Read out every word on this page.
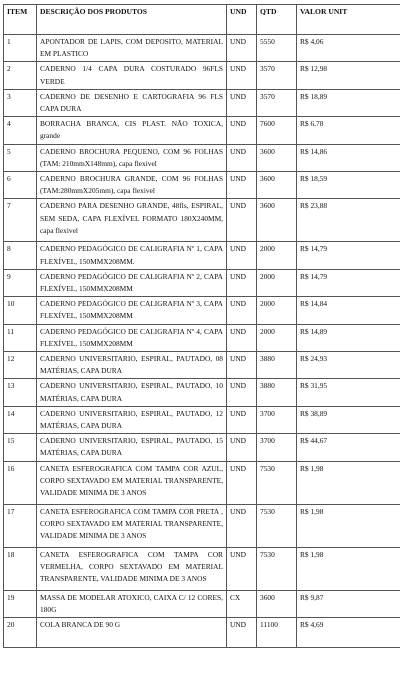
ITEM	DESCRIÇÃO DOS PRODUTOS	UND	QTD	VALOR UNIT
1	APONTADOR DE LAPIS, COM DEPOSITO, MATERIAL EM PLASTICO	UND	5550	R$ 4,06
2	CADERNO 1/4 CAPA DURA COSTURADO 96FLS VERDE	UND	3570	R$ 12,98
3	CADERNO DE DESENHO E CARTOGRAFIA 96 FLS CAPA DURA	UND	3570	R$ 18,89
4	BORRACHA BRANCA, CIS PLAST. NÃO TOXICA, grande	UND	7600	R$ 6,78
5	CADERNO BROCHURA PEQUENO, COM 96 FOLHAS (TAM: 210mmX148mm), capa flexivel	UND	3600	R$ 14,86
6	CADERNO BROCHURA GRANDE, COM 96 FOLHAS (TAM:280mmX205mm), capa flexivel	UND	3600	R$ 18,59
7	CADERNO PARA DESENHO GRANDE, 48fls, ESPIRAL, SEM SEDA, CAPA FLEXÍVEL FORMATO 180X240MM, capa flexivel	UND	3600	R$ 23,88
8	CADERNO PEDAGÓGICO DE CALIGRAFIA Nº 1, CAPA FLEXÍVEL, 150MMX208MM.	UND	2000	R$ 14,79
9	CADERNO PEDAGÓGICO DE CALIGRAFIA Nº 2, CAPA FLEXÍVEL, 150MMX208MM	UND	2000	R$ 14,79
10	CADERNO PEDAGÓGICO DE CALIGRAFIA Nº 3, CAPA FLEXÍVEL, 150MMX208MM	UND	2000	R$ 14,84
11	CADERNO PEDAGÓGICO DE CALIGRAFIA Nº 4, CAPA FLEXÍVEL, 150MMX208MM	UND	2000	R$ 14,89
12	CADERNO UNIVERSITARIO, ESPIRAL, PAUTADO, 08 MATÉRIAS, CAPA DURA	UND	3880	R$ 24,93
13	CADERNO UNIVERSITARIO, ESPIRAL, PAUTADO, 10 MATÉRIAS, CAPA DURA	UND	3880	R$ 31,95
14	CADERNO UNIVERSITARIO, ESPIRAL, PAUTADO, 12 MATÉRIAS, CAPA DURA	UND	3700	R$ 38,89
15	CADERNO UNIVERSITARIO, ESPIRAL, PAUTADO, 15 MATÉRIAS, CAPA DURA	UND	3700	R$ 44,67
16	CANETA ESFEROGRAFICA COM TAMPA COR AZUL, CORPO SEXTAVADO EM MATERIAL TRANSPARENTE, VALIDADE MINIMA DE 3 ANOS	UND	7530	R$ 1,98
17	CANETA ESFEROGRAFICA COM TAMPA COR PRETA , CORPO SEXTAVADO EM MATERIAL TRANSPARENTE, VALIDADE MINIMA DE 3 ANOS	UND	7530	R$ 1,98
18	CANETA ESFEROGRAFICA COM TAMPA COR VERMELHA, CORPO SEXTAVADO EM MATERIAL TRANSPARENTE, VALIDADE MINIMA DE 3 ANOS	UND	7530	R$ 1,98
19	MASSA DE MODELAR ATOXICO, CAIXA C/ 12 CORES, 180G	CX	3600	R$ 9,87
20	COLA BRANCA DE 90 G	UND	11100	R$ 4,69
